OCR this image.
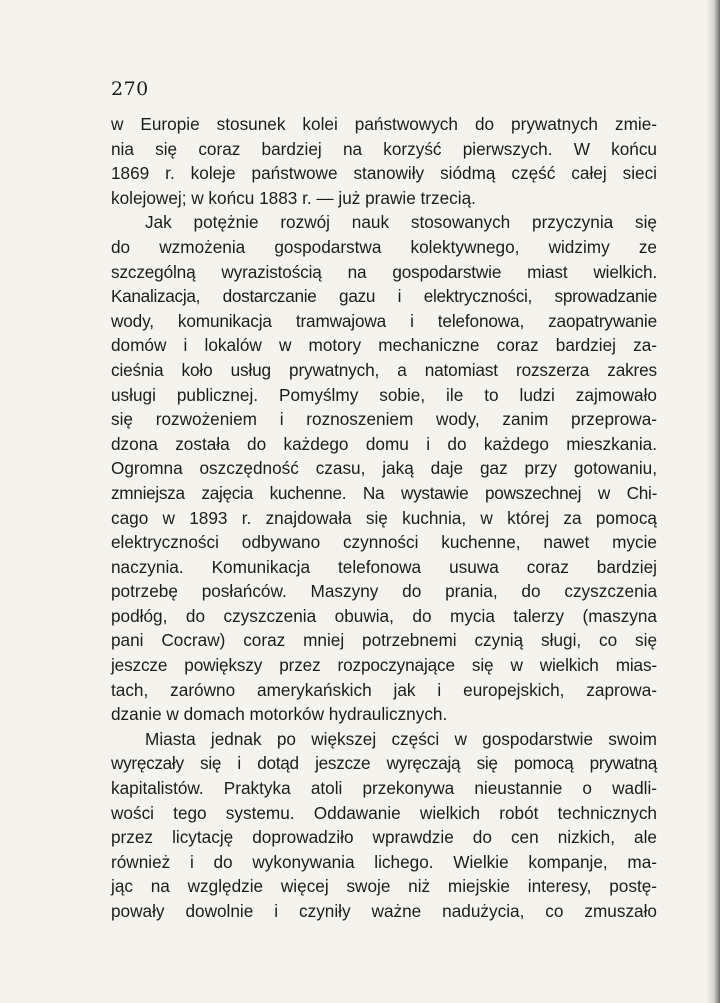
270
w Europie stosunek kolei państwowych do prywatnych zmie-
nia się coraz bardziej na korzyść pierwszych. W końcu
1869 r. koleje państwowe stanowiły siódmą część całej sieci
kolejowej; w końcu 1883 r. — już prawie trzecią.
Jak potężnie rozwój nauk stosowanych przyczynia się
do wzmożenia gospodarstwa kolektywnego, widzimy ze
szczególną wyrazistością na gospodarstwie miast wielkich.
Kanalizacja, dostarczanie gazu i elektryczności, sprowadzanie
wody, komunikacja tramwajowa i telefonowa, zaopatrywanie
domów i lokalów w motory mechaniczne coraz bardziej za-
cieśnia koło usług prywatnych, a natomiast rozszerza zakres
usługi publicznej. Pomyślmy sobie, ile to ludzi zajmowało
się rozwożeniem i roznoszeniem wody, zanim przeprowa-
dzona została do każdego domu i do każdego mieszkania.
Ogromna oszczędność czasu, jaką daje gaz przy gotowaniu,
zmniejsza zajęcia kuchenne. Na wystawie powszechnej w Chi-
cago w 1893 r. znajdowała się kuchnia, w której za pomocą
elektryczności odbywano czynności kuchenne, nawet mycie
naczynia. Komunikacja telefonowa usuwa coraz bardziej
potrzebę posłańców. Maszyny do prania, do czyszczenia
podłóg, do czyszczenia obuwia, do mycia talerzy (maszyna
pani Cocraw) coraz mniej potrzebnemi czynią sługi, co się
jeszcze powiększy przez rozpoczynające się w wielkich mias-
tach, zarówno amerykańskich jak i europejskich, zaprowa-
dzanie w domach motorków hydraulicznych.
Miasta jednak po większej części w gospodarstwie swoim
wyręczały się i dotąd jeszcze wyręczają się pomocą prywatną
kapitalistów. Praktyka atoli przekonywa nieustannie o wadli-
wości tego systemu. Oddawanie wielkich robót technicznych
przez licytację doprowadziło wprawdzie do cen nizkich, ale
również i do wykonywania lichego. Wielkie kompanje, ma-
jąc na względzie więcej swoje niż miejskie interesy, postę-
powały dowolnie i czyniły ważne nadużycia, co zmuszało
